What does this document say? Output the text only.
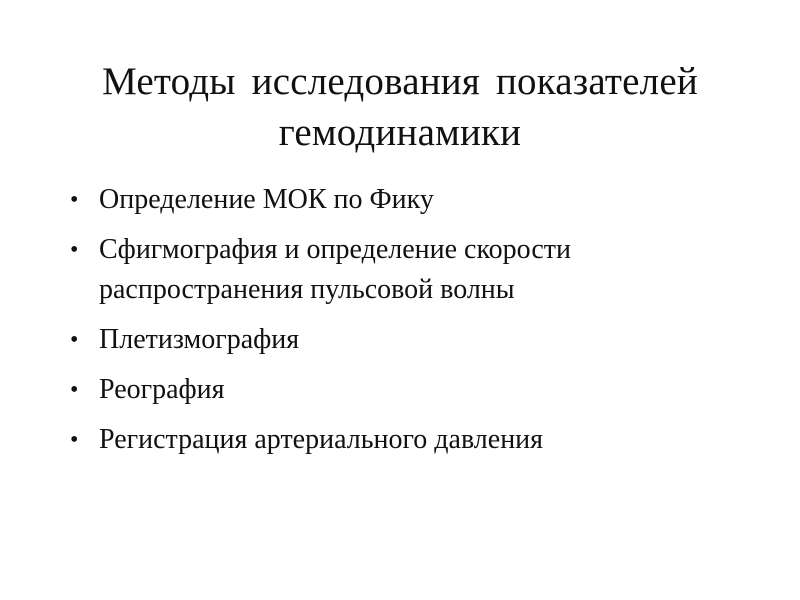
Методы исследования показателей гемодинамики
• Определение МОК по Фику
• Сфигмография и определение скорости распространения пульсовой волны
• Плетизмография
• Реография
• Регистрация артериального давления
